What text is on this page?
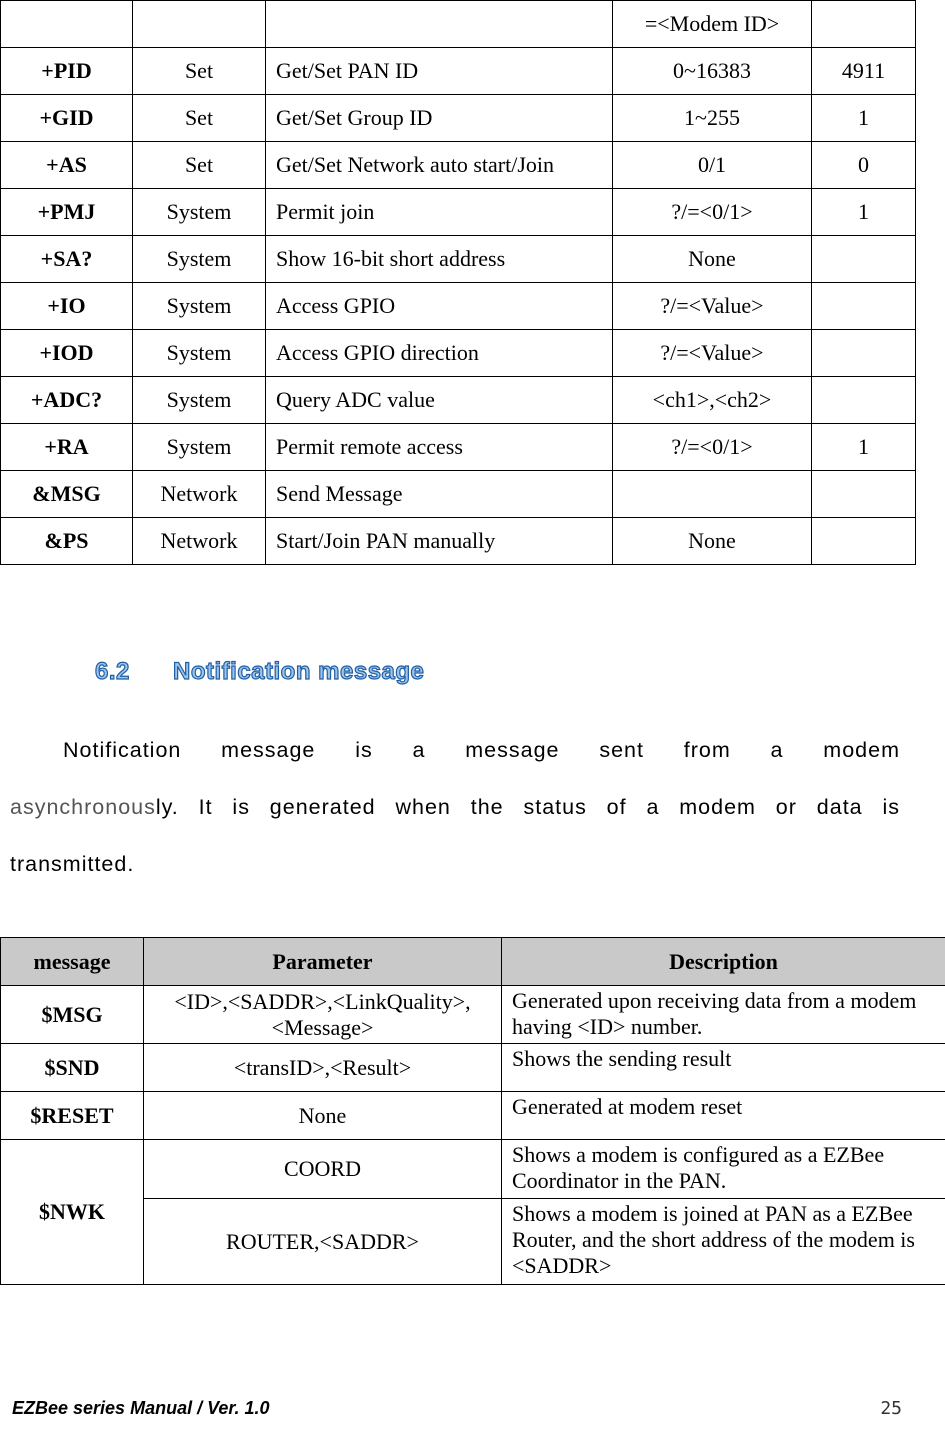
			=<Modem ID>	
+PID	Set	Get/Set PAN ID	0~16383	4911
+GID	Set	Get/Set Group ID	1~255	1
+AS	Set	Get/Set Network auto start/Join	0/1	0
+PMJ	System	Permit join	?/=<0/1>	1
+SA?	System	Show 16-bit short address	None	
+IO	System	Access GPIO	?/=<Value>	
+IOD	System	Access GPIO direction	?/=<Value>	
+ADC?	System	Query ADC value	<ch1>,<ch2>	
+RA	System	Permit remote access	?/=<0/1>	1
&MSG	Network	Send Message		
&PS	Network	Start/Join PAN manually	None	
6.2 Notification message
Notification message is a message sent from a modem
asynchronously. It is generated when the status of a modem or data is
transmitted.
message	Parameter	Description
$MSG	<ID>,<SADDR>,<LinkQuality>,<Message>	Generated upon receiving data from a modem having <ID> number.
$SND	<transID>,<Result>	Shows the sending result
$RESET	None	Generated at modem reset
$NWK	COORD	Shows a modem is configured as a EZBee Coordinator in the PAN.
	ROUTER,<SADDR>	Shows a modem is joined at PAN as a EZBee Router, and the short address of the modem is <SADDR>
EZBee series Manual / Ver. 1.0	25
